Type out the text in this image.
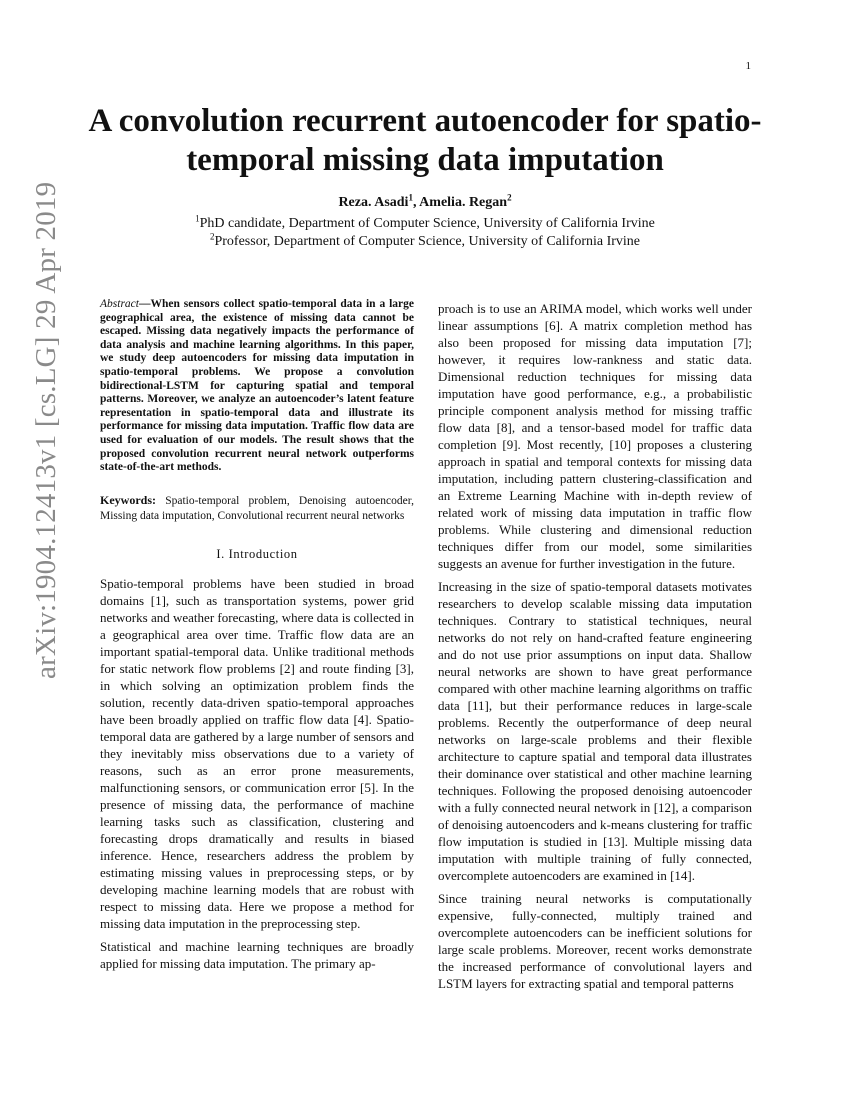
1
arXiv:1904.12413v1 [cs.LG] 29 Apr 2019
A convolution recurrent autoencoder for spatio-temporal missing data imputation
Reza. Asadi$^1$, Amelia. Regan$^2$
$^1$PhD candidate, Department of Computer Science, University of California Irvine
$^2$Professor, Department of Computer Science, University of California Irvine

Abstract—When sensors collect spatio-temporal data in a large geographical area, the existence of missing data cannot be escaped. Missing data negatively impacts the performance of data analysis and machine learning algorithms. In this paper, we study deep autoencoders for missing data imputation in spatio-temporal problems. We propose a convolution bidirectional-LSTM for capturing spatial and temporal patterns. Moreover, we analyze an autoencoder’s latent feature representation in spatio-temporal data and illustrate its performance for missing data imputation. Traffic flow data are used for evaluation of our models. The result shows that the proposed convolution recurrent neural network outperforms state-of-the-art methods.

Keywords: Spatio-temporal problem, Denoising autoencoder, Missing data imputation, Convolutional recurrent neural networks

I. Introduction

Spatio-temporal problems have been studied in broad domains [1], such as transportation systems, power grid networks and weather forecasting, where data is collected in a geographical area over time. Traffic flow data are an important spatial-temporal data. Unlike traditional methods for static network flow problems [2] and route finding [3], in which solving an optimization problem finds the solution, recently data-driven spatio-temporal approaches have been broadly applied on traffic flow data [4]. Spatio-temporal data are gathered by a large number of sensors and they inevitably miss observations due to a variety of reasons, such as an error prone measurements, malfunctioning sensors, or communication error [5]. In the presence of missing data, the performance of machine learning tasks such as classification, clustering and forecasting drops dramatically and results in biased inference. Hence, researchers address the problem by estimating missing values in preprocessing steps, or by developing machine learning models that are robust with respect to missing data. Here we propose a method for missing data imputation in the preprocessing step.

Statistical and machine learning techniques are broadly applied for missing data imputation. The primary ap-

proach is to use an ARIMA model, which works well under linear assumptions [6]. A matrix completion method has also been proposed for missing data imputation [7]; however, it requires low-rankness and static data. Dimensional reduction techniques for missing data imputation have good performance, e.g., a probabilistic principle component analysis method for missing traffic flow data [8], and a tensor-based model for traffic data completion [9]. Most recently, [10] proposes a clustering approach in spatial and temporal contexts for missing data imputation, including pattern clustering-classification and an Extreme Learning Machine with in-depth review of related work of missing data imputation in traffic flow problems. While clustering and dimensional reduction techniques differ from our model, some similarities suggests an avenue for further investigation in the future.

Increasing in the size of spatio-temporal datasets motivates researchers to develop scalable missing data imputation techniques. Contrary to statistical techniques, neural networks do not rely on hand-crafted feature engineering and do not use prior assumptions on input data. Shallow neural networks are shown to have great performance compared with other machine learning algorithms on traffic data [11], but their performance reduces in large-scale problems. Recently the outperformance of deep neural networks on large-scale problems and their flexible architecture to capture spatial and temporal data illustrates their dominance over statistical and other machine learning techniques. Following the proposed denoising autoencoder with a fully connected neural network in [12], a comparison of denoising autoencoders and k-means clustering for traffic flow imputation is studied in [13]. Multiple missing data imputation with multiple training of fully connected, overcomplete autoencoders are examined in [14].

Since training neural networks is computationally expensive, fully-connected, multiply trained and overcomplete autoencoders can be inefficient solutions for large scale problems. Moreover, recent works demonstrate the increased performance of convolutional layers and LSTM layers for extracting spatial and temporal patterns
